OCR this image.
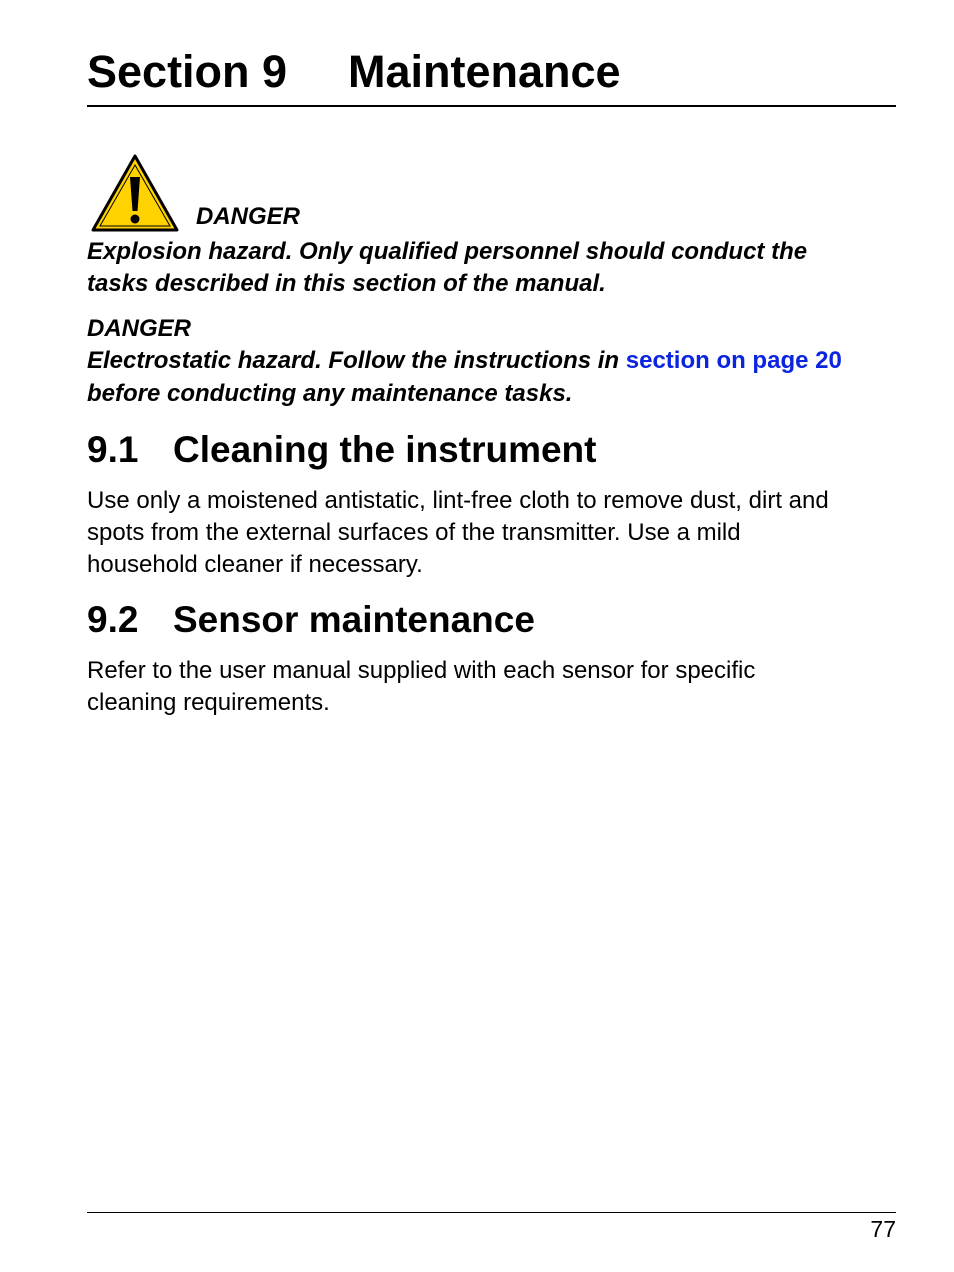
Section 9 Maintenance
DANGER

Explosion hazard. Only qualified personnel should conduct the

tasks described in this section of the manual.

DANGER

Electrostatic hazard. Follow the instructions in section on page 20

before conducting any maintenance tasks.

9.1 Cleaning the instrument

Use only a moistened antistatic, lint-free cloth to remove dust, dirt and

spots from the external surfaces of the transmitter. Use a mild

household cleaner if necessary.

9.2 Sensor maintenance

Refer to the user manual supplied with each sensor for specific

cleaning requirements.

77
